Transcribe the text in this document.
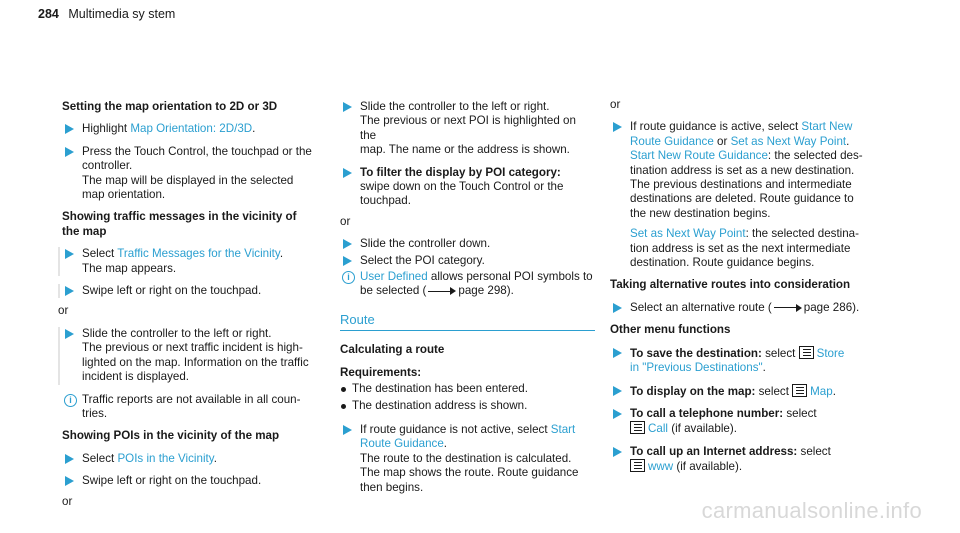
284 Multimedia sy stem
Setting the map orientation to 2D or 3D
Highlight Map Orientation: 2D/3D.
Press the Touch Control, the touchpad or the
controller.
The map will be displayed in the selected
map orientation.
Showing traffic messages in the vicinity of
the map
Select Traffic Messages for the Vicinity.
The map appears.
Swipe left or right on the touchpad.
or
Slide the controller to the left or right.
The previous or next traffic incident is high-
lighted on the map. Information on the traffic
incident is displayed.
i Traffic reports are not available in all coun-
tries.
Showing POIs in the vicinity of the map
Select POIs in the Vicinity.
Swipe left or right on the touchpad.
or
Slide the controller to the left or right.
The previous or next POI is highlighted on the
map. The name or the address is shown.
To filter the display by POI category:
swipe down on the Touch Control or the
touchpad.
or
Slide the controller down.
Select the POI category.
i User Defined allows personal POI symbols to
be selected (	page 298).
Route
Calculating a route
Requirements:
The destination has been entered.
The destination address is shown.
If route guidance is not active, select Start
Route Guidance.
The route to the destination is calculated.
The map shows the route. Route guidance
then begins.
or
If route guidance is active, select Start New
Route Guidance or Set as Next Way Point.
Start New Route Guidance: the selected des-
tination address is set as a new destination.
The previous destinations and intermediate
destinations are deleted. Route guidance to
the new destination begins.
Set as Next Way Point: the selected destina-
tion address is set as the next intermediate
destination. Route guidance begins.
Taking alternative routes into consideration
Select an alternative route (	page 286).
Other menu functions
To save the destination: select
Store
in "Previous Destinations".
To display on the map: select
Map.
To call a telephone number: select
Call (if available).
To call up an Internet address: select
www (if available).
carmanualsonline.info
